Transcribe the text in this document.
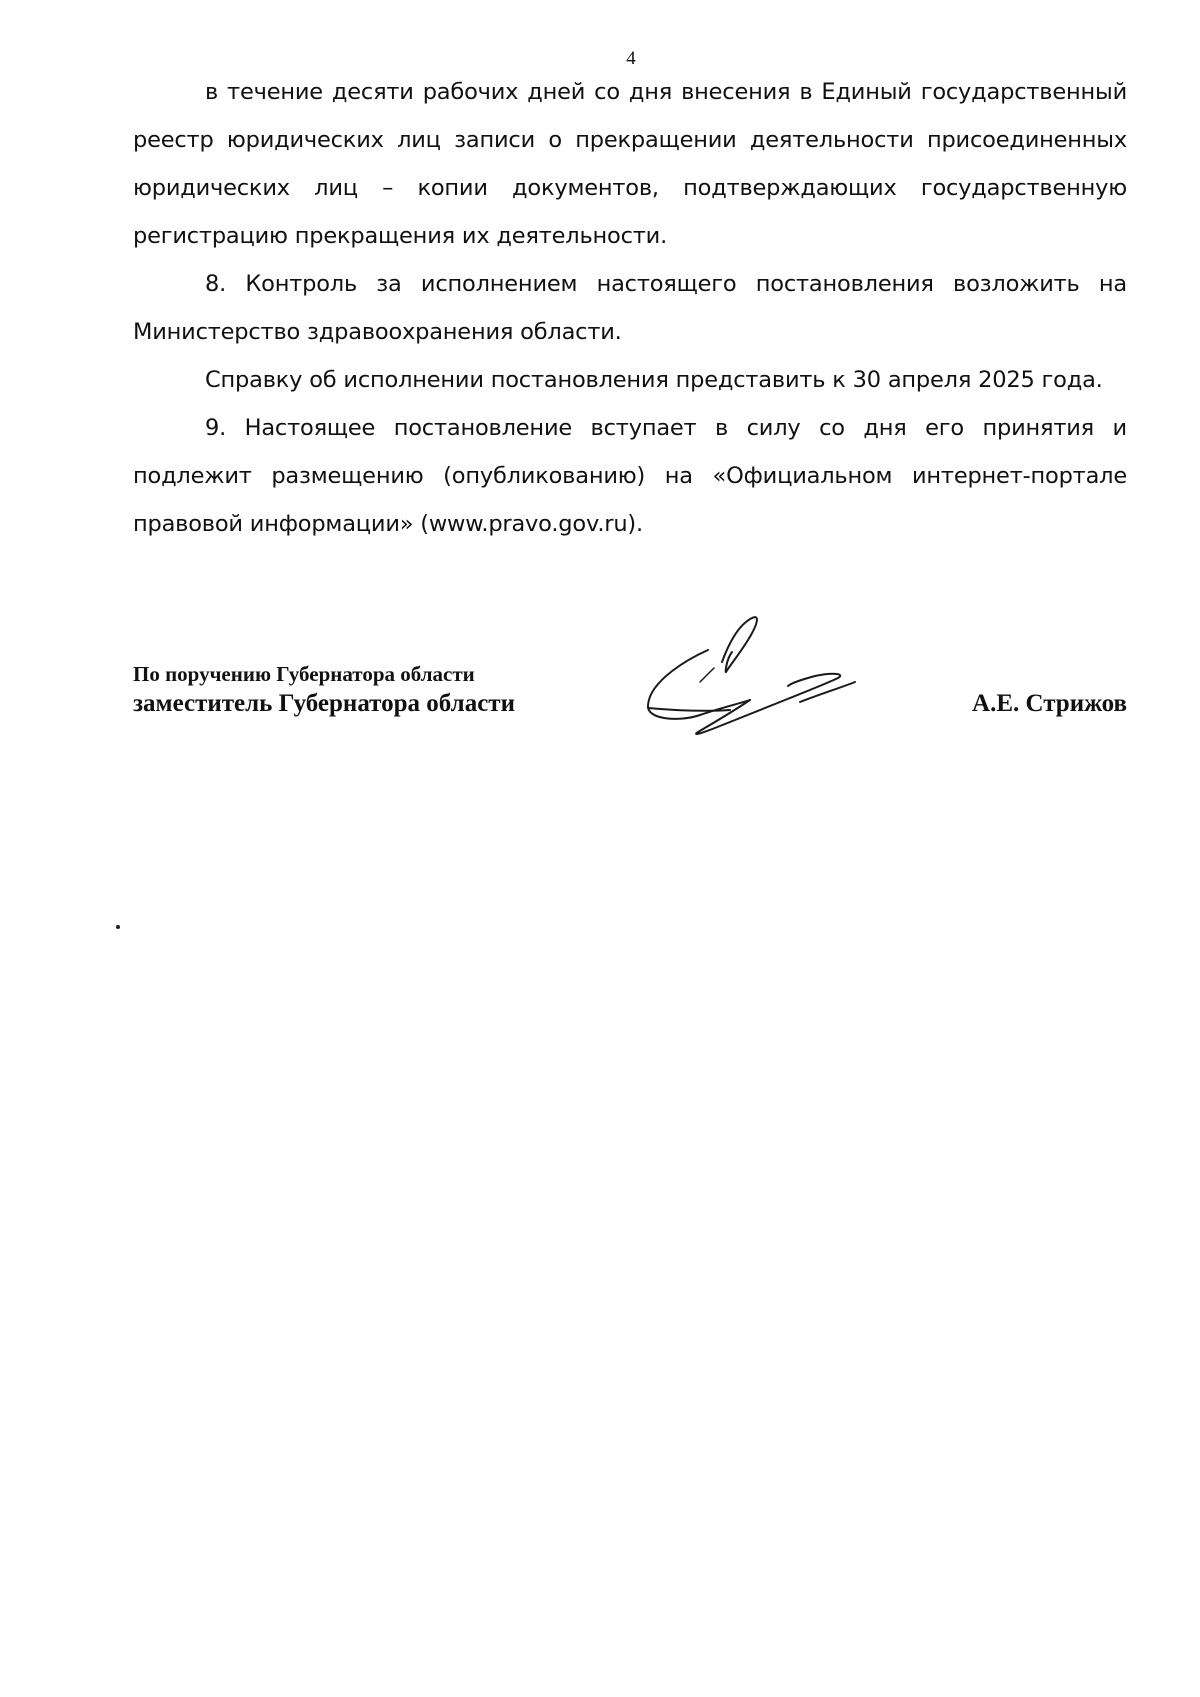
4

в течение десяти рабочих дней со дня внесения в Единый государственный реестр юридических лиц записи о прекращении деятельности присоединенных юридических лиц – копии документов, подтверждающих государственную регистрацию прекращения их деятельности.

8. Контроль за исполнением настоящего постановления возложить на Министерство здравоохранения области.

Справку об исполнении постановления представить к 30 апреля 2025 года.

9. Настоящее постановление вступает в силу со дня его принятия и подлежит размещению (опубликованию) на «Официальном интернет-портале правовой информации» (www.pravo.gov.ru).

По поручению Губернатора области
заместитель Губернатора области	А.Е. Стрижов
